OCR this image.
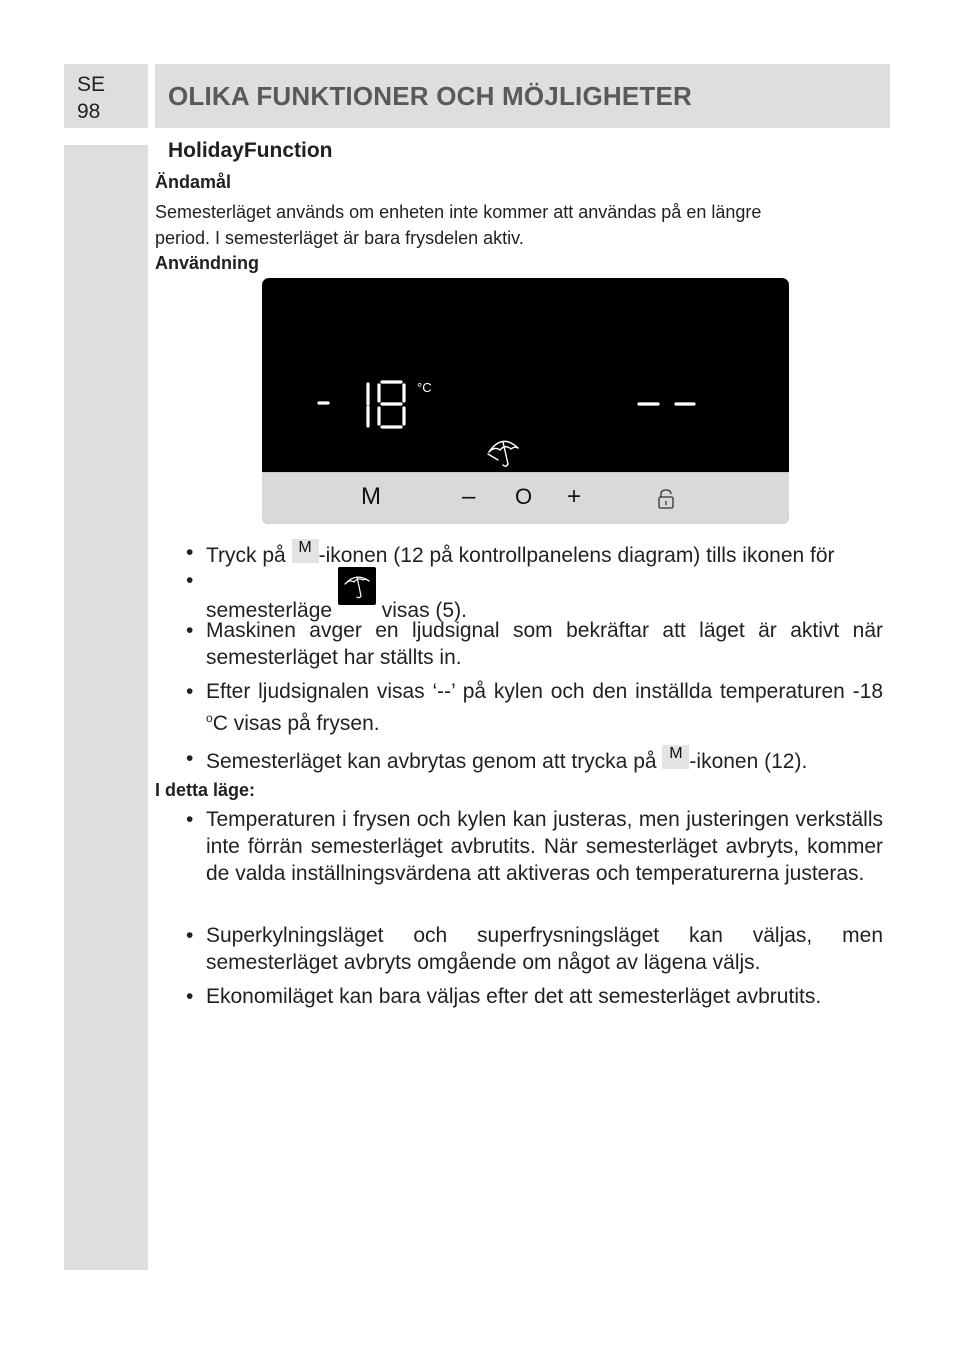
SE
98
OLIKA FUNKTIONER OCH MÖJLIGHETER
HolidayFunction
Ändamål
Semesterläget används om enheten inte kommer att användas på en längre
period. I semesterläget är bara frysdelen aktiv.
Användning
°C
M	– O +
• Tryck på M -ikonen (12 på kontrollpanelens diagram) tills ikonen för
• semesterläge visas (5).
• Maskinen avger en ljudsignal som bekräftar att läget är aktivt när semesterläget har ställts in.
• Efter ljudsignalen visas ‘--’ på kylen och den inställda temperaturen -18 $^o$C visas på frysen.
• Semesterläget kan avbrytas genom att trycka på M -ikonen (12).
I detta läge:
• Temperaturen i frysen och kylen kan justeras, men justeringen verkställs inte förrän semesterläget avbrutits. När semesterläget avbryts, kommer de valda inställningsvärdena att aktiveras och temperaturerna justeras.
• Superkylningsläget och superfrysningsläget kan väljas, men semesterläget avbryts omgående om något av lägena väljs.
• Ekonomiläget kan bara väljas efter det att semesterläget avbrutits.
